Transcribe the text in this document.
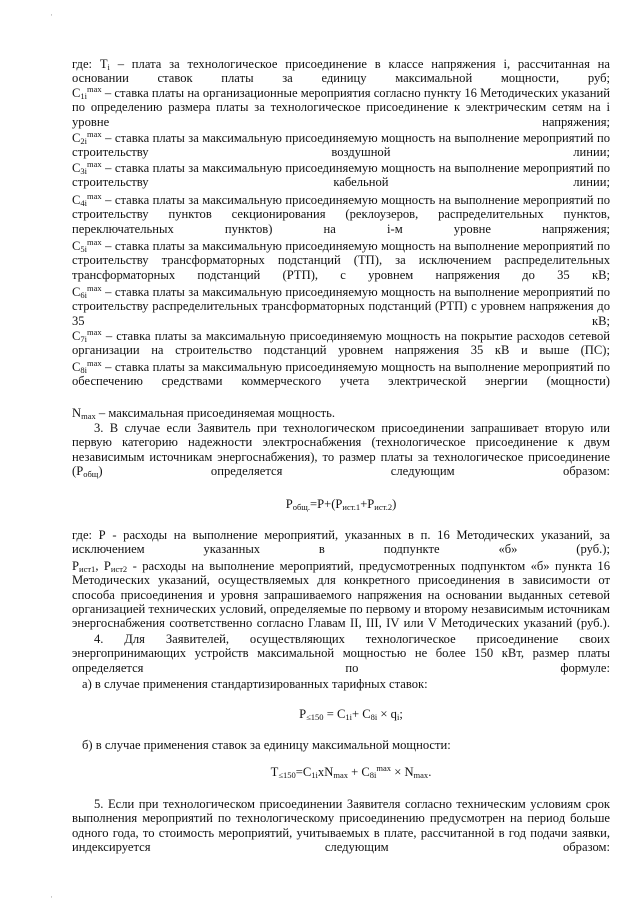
·
·

где: $T_i$ – плата за технологическое присоединение в классе напряжения i, рассчитанная на основании ставок платы за единицу максимальной мощности, руб;

$C_{1i}^{max}$ – ставка платы на организационные мероприятия согласно пункту 16 Методических указаний по определению размера платы за технологическое присоединение к электрическим сетям на i уровне напряжения;

$C_{2i}^{max}$ – ставка платы за максимальную присоединяемую мощность на выполнение мероприятий по строительству воздушной линии;

$C_{3i}^{max}$ – ставка платы за максимальную присоединяемую мощность на выполнение мероприятий по строительству кабельной линии;

$C_{4i}^{max}$ – ставка платы за максимальную присоединяемую мощность на выполнение мероприятий по строительству пунктов секционирования (реклоузеров, распределительных пунктов, переключательных пунктов) на i-м уровне напряжения;

$C_{5i}^{max}$ – ставка платы за максимальную присоединяемую мощность на выполнение мероприятий по строительству трансформаторных подстанций (ТП), за исключением распределительных трансформаторных подстанций (РТП), с уровнем напряжения до 35 кВ;

$C_{6i}^{max}$ – ставка платы за максимальную присоединяемую мощность на выполнение мероприятий по строительству распределительных трансформаторных подстанций (РТП) с уровнем напряжения до 35 кВ;

$C_{7i}^{max}$ – ставка платы за максимальную присоединяемую мощность на покрытие расходов сетевой организации на строительство подстанций уровнем напряжения 35 кВ и выше (ПС);

$C_{8i}^{max}$ – ставка платы за максимальную присоединяемую мощность на выполнение мероприятий по обеспечению средствами коммерческого учета электрической энергии (мощности)

$N_{max}$ – максимальная присоединяемая мощность.

3. В случае если Заявитель при технологическом присоединении запрашивает вторую или первую категорию надежности электроснабжения (технологическое присоединение к двум независимым источникам энергоснабжения), то размер платы за технологическое присоединение $(Р_{общ})$ определяется следующим образом:

$Р_{общ.}=Р+(Р_{ист.1}+Р_{ист.2})$

где: Р - расходы на выполнение мероприятий, указанных в п. 16 Методических указаний, за исключением указанных в подпункте «б» (руб.);

$Р_{ист1}$, $Р_{ист2}$ - расходы на выполнение мероприятий, предусмотренных подпунктом «б» пункта 16 Методических указаний, осуществляемых для конкретного присоединения в зависимости от способа присоединения и уровня запрашиваемого напряжения на основании выданных сетевой организацией технических условий, определяемые по первому и второму независимым источникам энергоснабжения соответственно согласно Главам II, III, IV или V Методических указаний (руб.).

4. Для Заявителей, осуществляющих технологическое присоединение своих энергопринимающих устройств максимальной мощностью не более 150 кВт, размер платы определяется по формуле:

а) в случае применения стандартизированных тарифных ставок:

$Р_{\le 150} = С_{1i}+ С_{8i} \times q_i$;

б) в случае применения ставок за единицу максимальной мощности:

$Т_{\le 150}=С_{1i}xN_{max} + С_{8i}^{max} \times N_{max}$.

5. Если при технологическом присоединении Заявителя согласно техническим условиям срок выполнения мероприятий по технологическому присоединению предусмотрен на период больше одного года, то стоимость мероприятий, учитываемых в плате, рассчитанной в год подачи заявки, индексируется следующим образом:
